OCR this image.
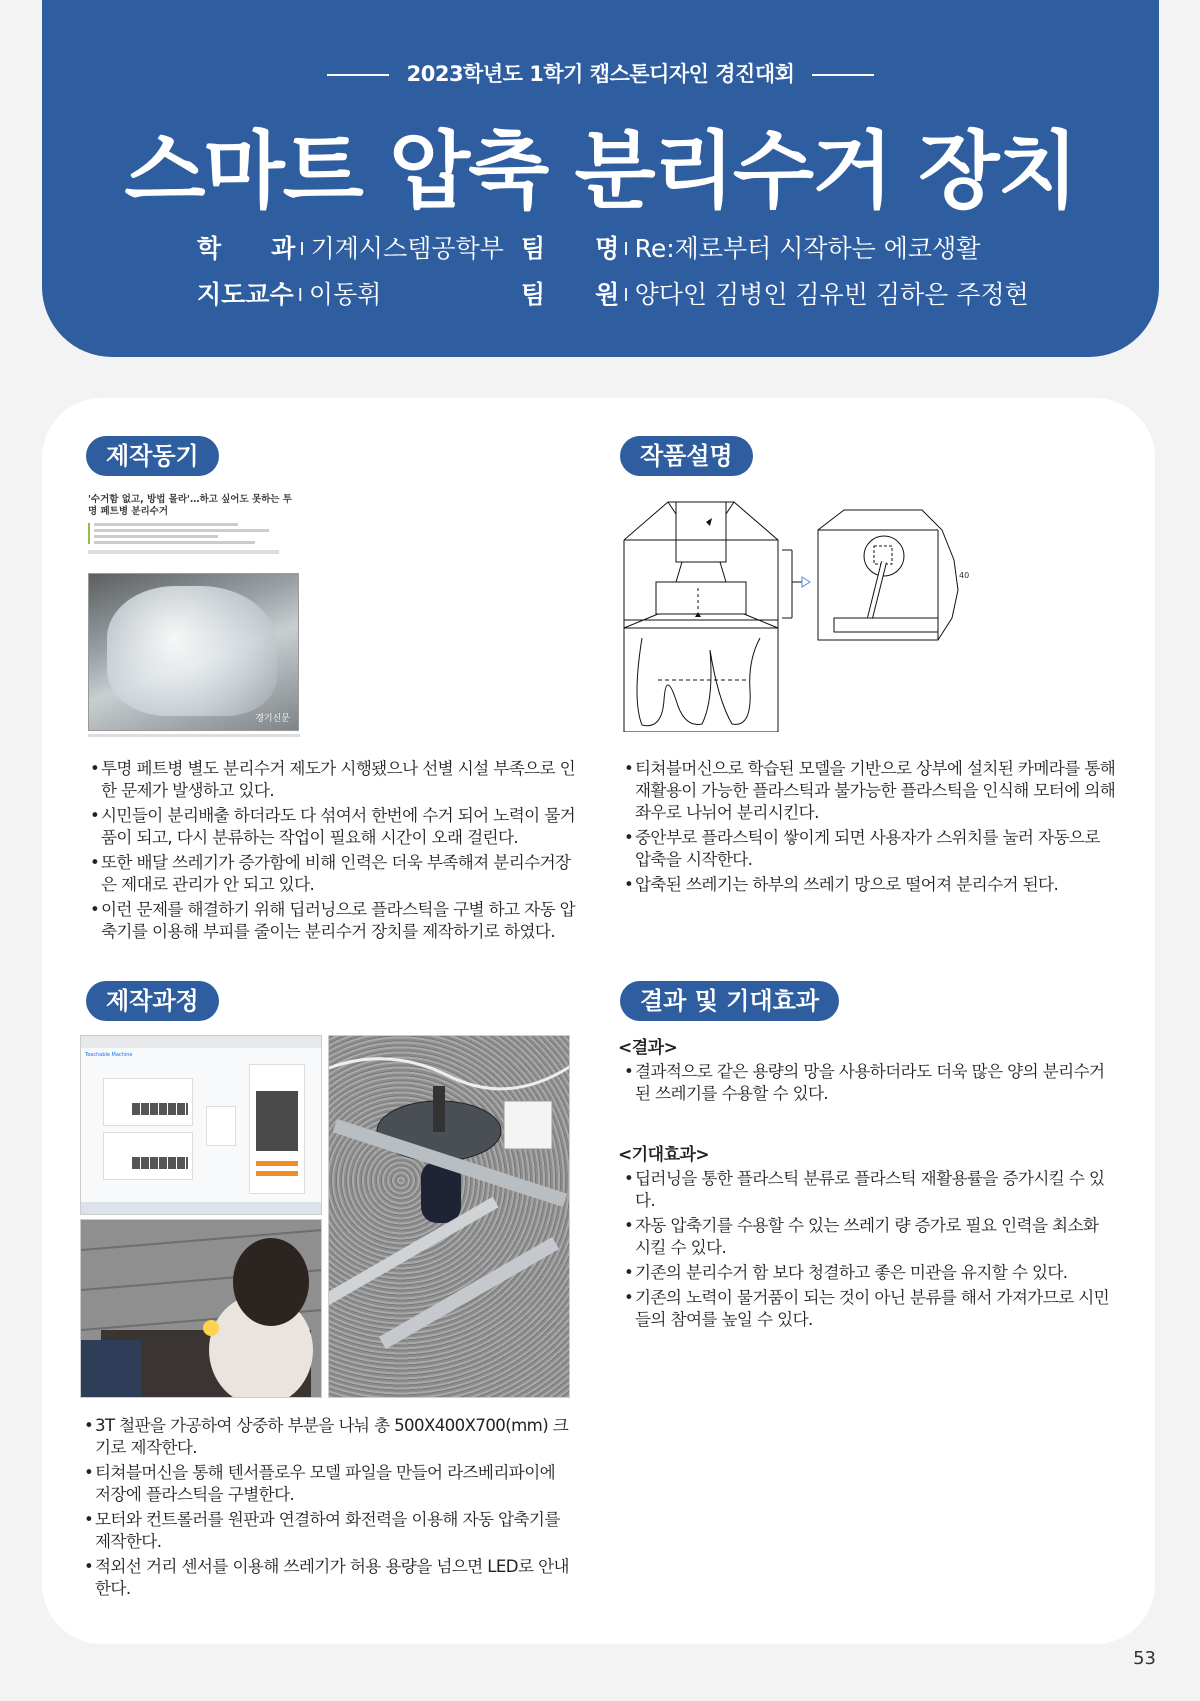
2023학년도 1학기 캡스톤디자인 경진대회
스마트 압축 분리수거 장치
학　　과 I 기계시스템공학부
지도교수 I 이동휘
팀　　명 I Re:제로부터 시작하는 에코생활
팀　　원 I 양다인 김병인 김유빈 김하은 주정현
제작동기
'수거함 없고, 방법 몰라'…하고 싶어도 못하는 투명 페트병 분리수거
경기신문
• 투명 페트병 별도 분리수거 제도가 시행됐으나 선별 시설 부족으로 인한 문제가 발생하고 있다.
• 시민들이 분리배출 하더라도 다 섞여서 한번에 수거 되어 노력이 물거품이 되고, 다시 분류하는 작업이 필요해 시간이 오래 걸린다.
• 또한 배달 쓰레기가 증가함에 비해 인력은 더욱 부족해져 분리수거장은 제대로 관리가 안 되고 있다.
• 이런 문제를 해결하기 위해 딥러닝으로 플라스틱을 구별 하고 자동 압축기를 이용해 부피를 줄이는 분리수거 장치를 제작하기로 하였다.
작품설명
40
• 티쳐블머신으로 학습된 모델을 기반으로 상부에 설치된 카메라를 통해 재활용이 가능한 플라스틱과 불가능한 플라스틱을 인식해 모터에 의해 좌우로 나뉘어 분리시킨다.
• 중안부로 플라스틱이 쌓이게 되면 사용자가 스위치를 눌러 자동으로 압축을 시작한다.
• 압축된 쓰레기는 하부의 쓰레기 망으로 떨어져 분리수거 된다.
제작과정
Teachable Machine
• 3T 철판을 가공하여 상중하 부분을 나눠 총 500X400X700(mm) 크기로 제작한다.
• 티쳐블머신을 통해 텐서플로우 모델 파일을 만들어 라즈베리파이에 저장에 플라스틱을 구별한다.
• 모터와 컨트롤러를 원판과 연결하여 화전력을 이용해 자동 압축기를 제작한다.
• 적외선 거리 센서를 이용해 쓰레기가 허용 용량을 넘으면 LED로 안내한다.
결과 및 기대효과
<결과>
• 결과적으로 같은 용량의 망을 사용하더라도 더욱 많은 양의 분리수거된 쓰레기를 수용할 수 있다.
<기대효과>
• 딥러닝을 통한 플라스틱 분류로 플라스틱 재활용률을 증가시킬 수 있다.
• 자동 압축기를 수용할 수 있는 쓰레기 량 증가로 필요 인력을 최소화 시킬 수 있다.
• 기존의 분리수거 함 보다 청결하고 좋은 미관을 유지할 수 있다.
• 기존의 노력이 물거품이 되는 것이 아닌 분류를 해서 가져가므로 시민들의 참여를 높일 수 있다.
53
